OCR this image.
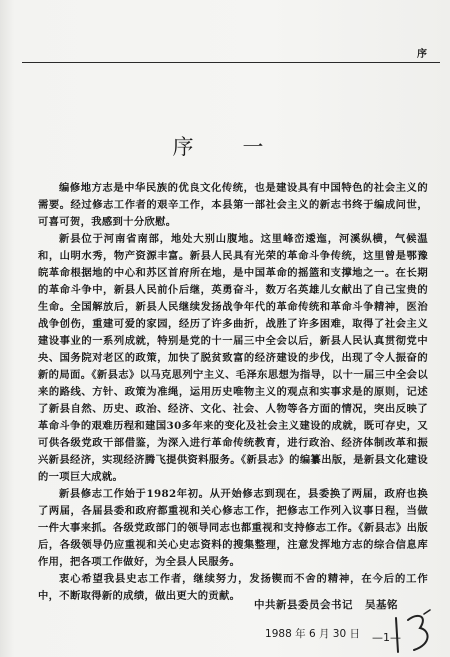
序
序　一

编修地方志是中华民族的优良文化传统，也是建设具有中国特色的社会主义的需要。经过修志工作者的艰辛工作，本县第一部社会主义的新志书终于编成问世，可喜可贺，我感到十分欣慰。

新县位于河南省南部，地处大别山腹地。这里峰峦逶迤，河溪纵横，气候温和，山明水秀，物产资源丰富。新县人民具有光荣的革命斗争传统，这里曾是鄂豫皖革命根据地的中心和苏区首府所在地，是中国革命的摇篮和支撑地之一。在长期的革命斗争中，新县人民前仆后继，英勇奋斗，数万名英雄儿女献出了自己宝贵的生命。全国解放后，新县人民继续发扬战争年代的革命传统和革命斗争精神，医治战争创伤，重建可爱的家园，经历了许多曲折，战胜了许多困难，取得了社会主义建设事业的一系列成就，特别是党的十一届三中全会以后，新县人民认真贯彻党中央、国务院对老区的政策，加快了脱贫致富的经济建设的步伐，出现了令人振奋的新的局面。《新县志》以马克思列宁主义、毛泽东思想为指导，以十一届三中全会以来的路线、方针、政策为准绳，运用历史唯物主义的观点和实事求是的原则，记述了新县自然、历史、政治、经济、文化、社会、人物等各方面的情况，突出反映了革命斗争的艰难历程和建国30多年来的变化及社会主义建设的成就，既可存史，又可供各级党政干部借鉴，为深入进行革命传统教育，进行政治、经济体制改革和振兴新县经济，实现经济腾飞提供资料服务。《新县志》的编纂出版，是新县文化建设的一项巨大成就。

新县修志工作始于1982年初。从开始修志到现在，县委换了两届，政府也换了两届，各届县委和政府都重视和关心修志工作，把修志工作列入议事日程，当做一件大事来抓。各级党政部门的领导同志也都重视和支持修志工作。《新县志》出版后，各级领导仍应重视和关心史志资料的搜集整理，注意发挥地方志的综合信息库作用，把各项工作做好，为全县人民服务。

衷心希望我县史志工作者，继续努力，发扬锲而不舍的精神，在今后的工作中，不断取得新的成绩，做出更大的贡献。

中共新县委员会书记 吴基铭
1988 年 6 月 30 日 —1—
